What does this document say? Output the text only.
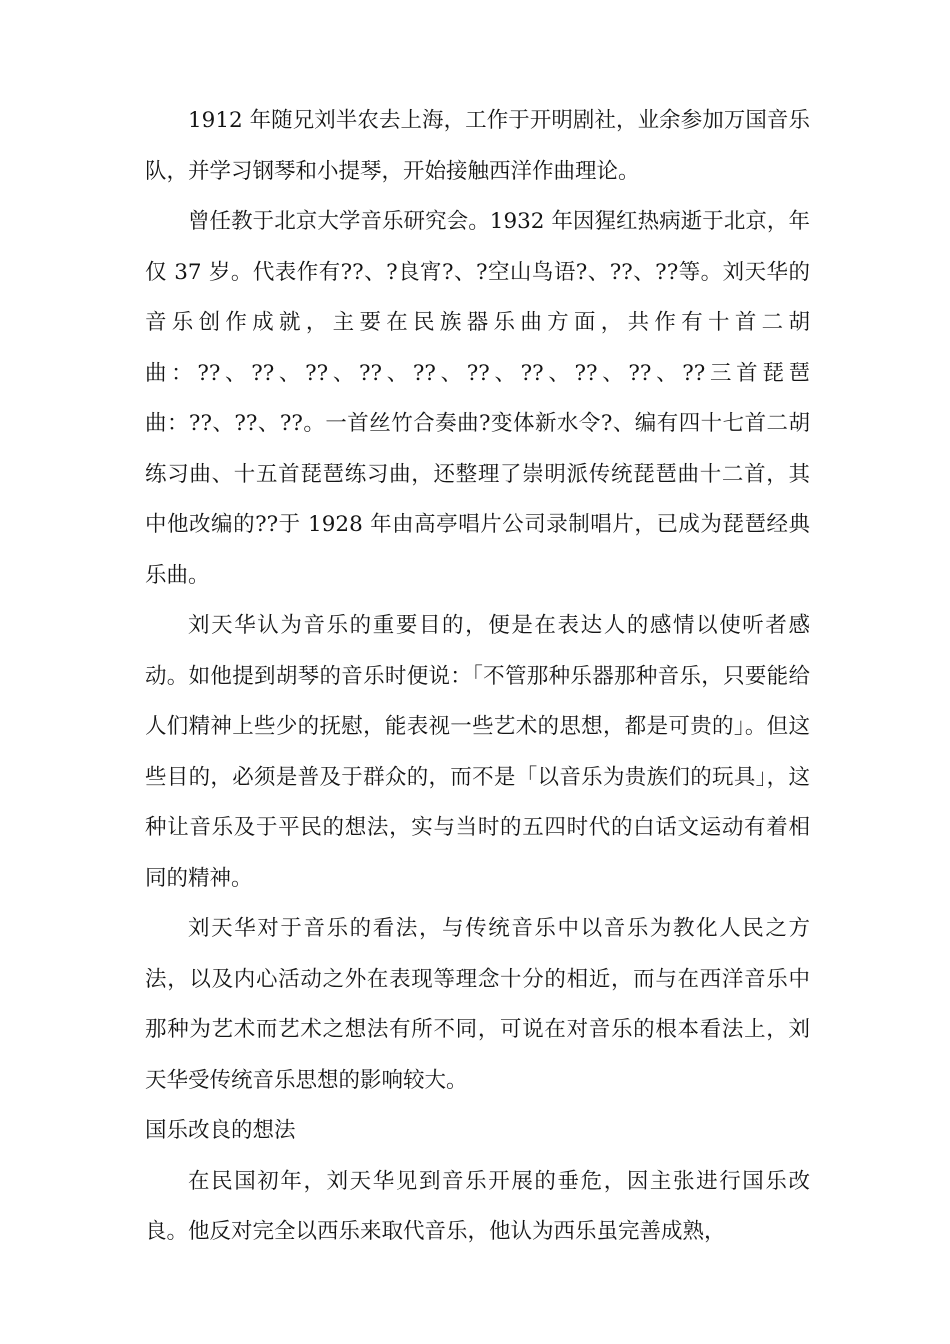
1912 年随兄刘半农去上海，工作于开明剧社，业余参加万国音乐队，并学习钢琴和小提琴，开始接触西洋作曲理论。

曾任教于北京大学音乐研究会。1932 年因猩红热病逝于北京，年仅 37 岁。代表作有??、?良宵?、?空山鸟语?、??、??等。刘天华的音乐创作成就，主要在民族器乐曲方面，共作有十首二胡曲：??、??、??、??、??、??、??、??、??、??三首琵琶曲：??、??、??。一首丝竹合奏曲?变体新水令?、编有四十七首二胡练习曲、十五首琵琶练习曲，还整理了崇明派传统琵琶曲十二首，其中他改编的??于 1928 年由高亭唱片公司录制唱片，已成为琵琶经典乐曲。

刘天华认为音乐的重要目的，便是在表达人的感情以使听者感动。如他提到胡琴的音乐时便说：「不管那种乐器那种音乐，只要能给人们精神上些少的抚慰，能表视一些艺术的思想，都是可贵的」。但这些目的，必须是普及于群众的，而不是「以音乐为贵族们的玩具」，这种让音乐及于平民的想法，实与当时的五四时代的白话文运动有着相同的精神。

刘天华对于音乐的看法，与传统音乐中以音乐为教化人民之方法，以及内心活动之外在表现等理念十分的相近，而与在西洋音乐中那种为艺术而艺术之想法有所不同，可说在对音乐的根本看法上，刘天华受传统音乐思想的影响较大。

国乐改良的想法

在民国初年，刘天华见到音乐开展的垂危，因主张进行国乐改良。他反对完全以西乐来取代音乐，他认为西乐虽完善成熟，
